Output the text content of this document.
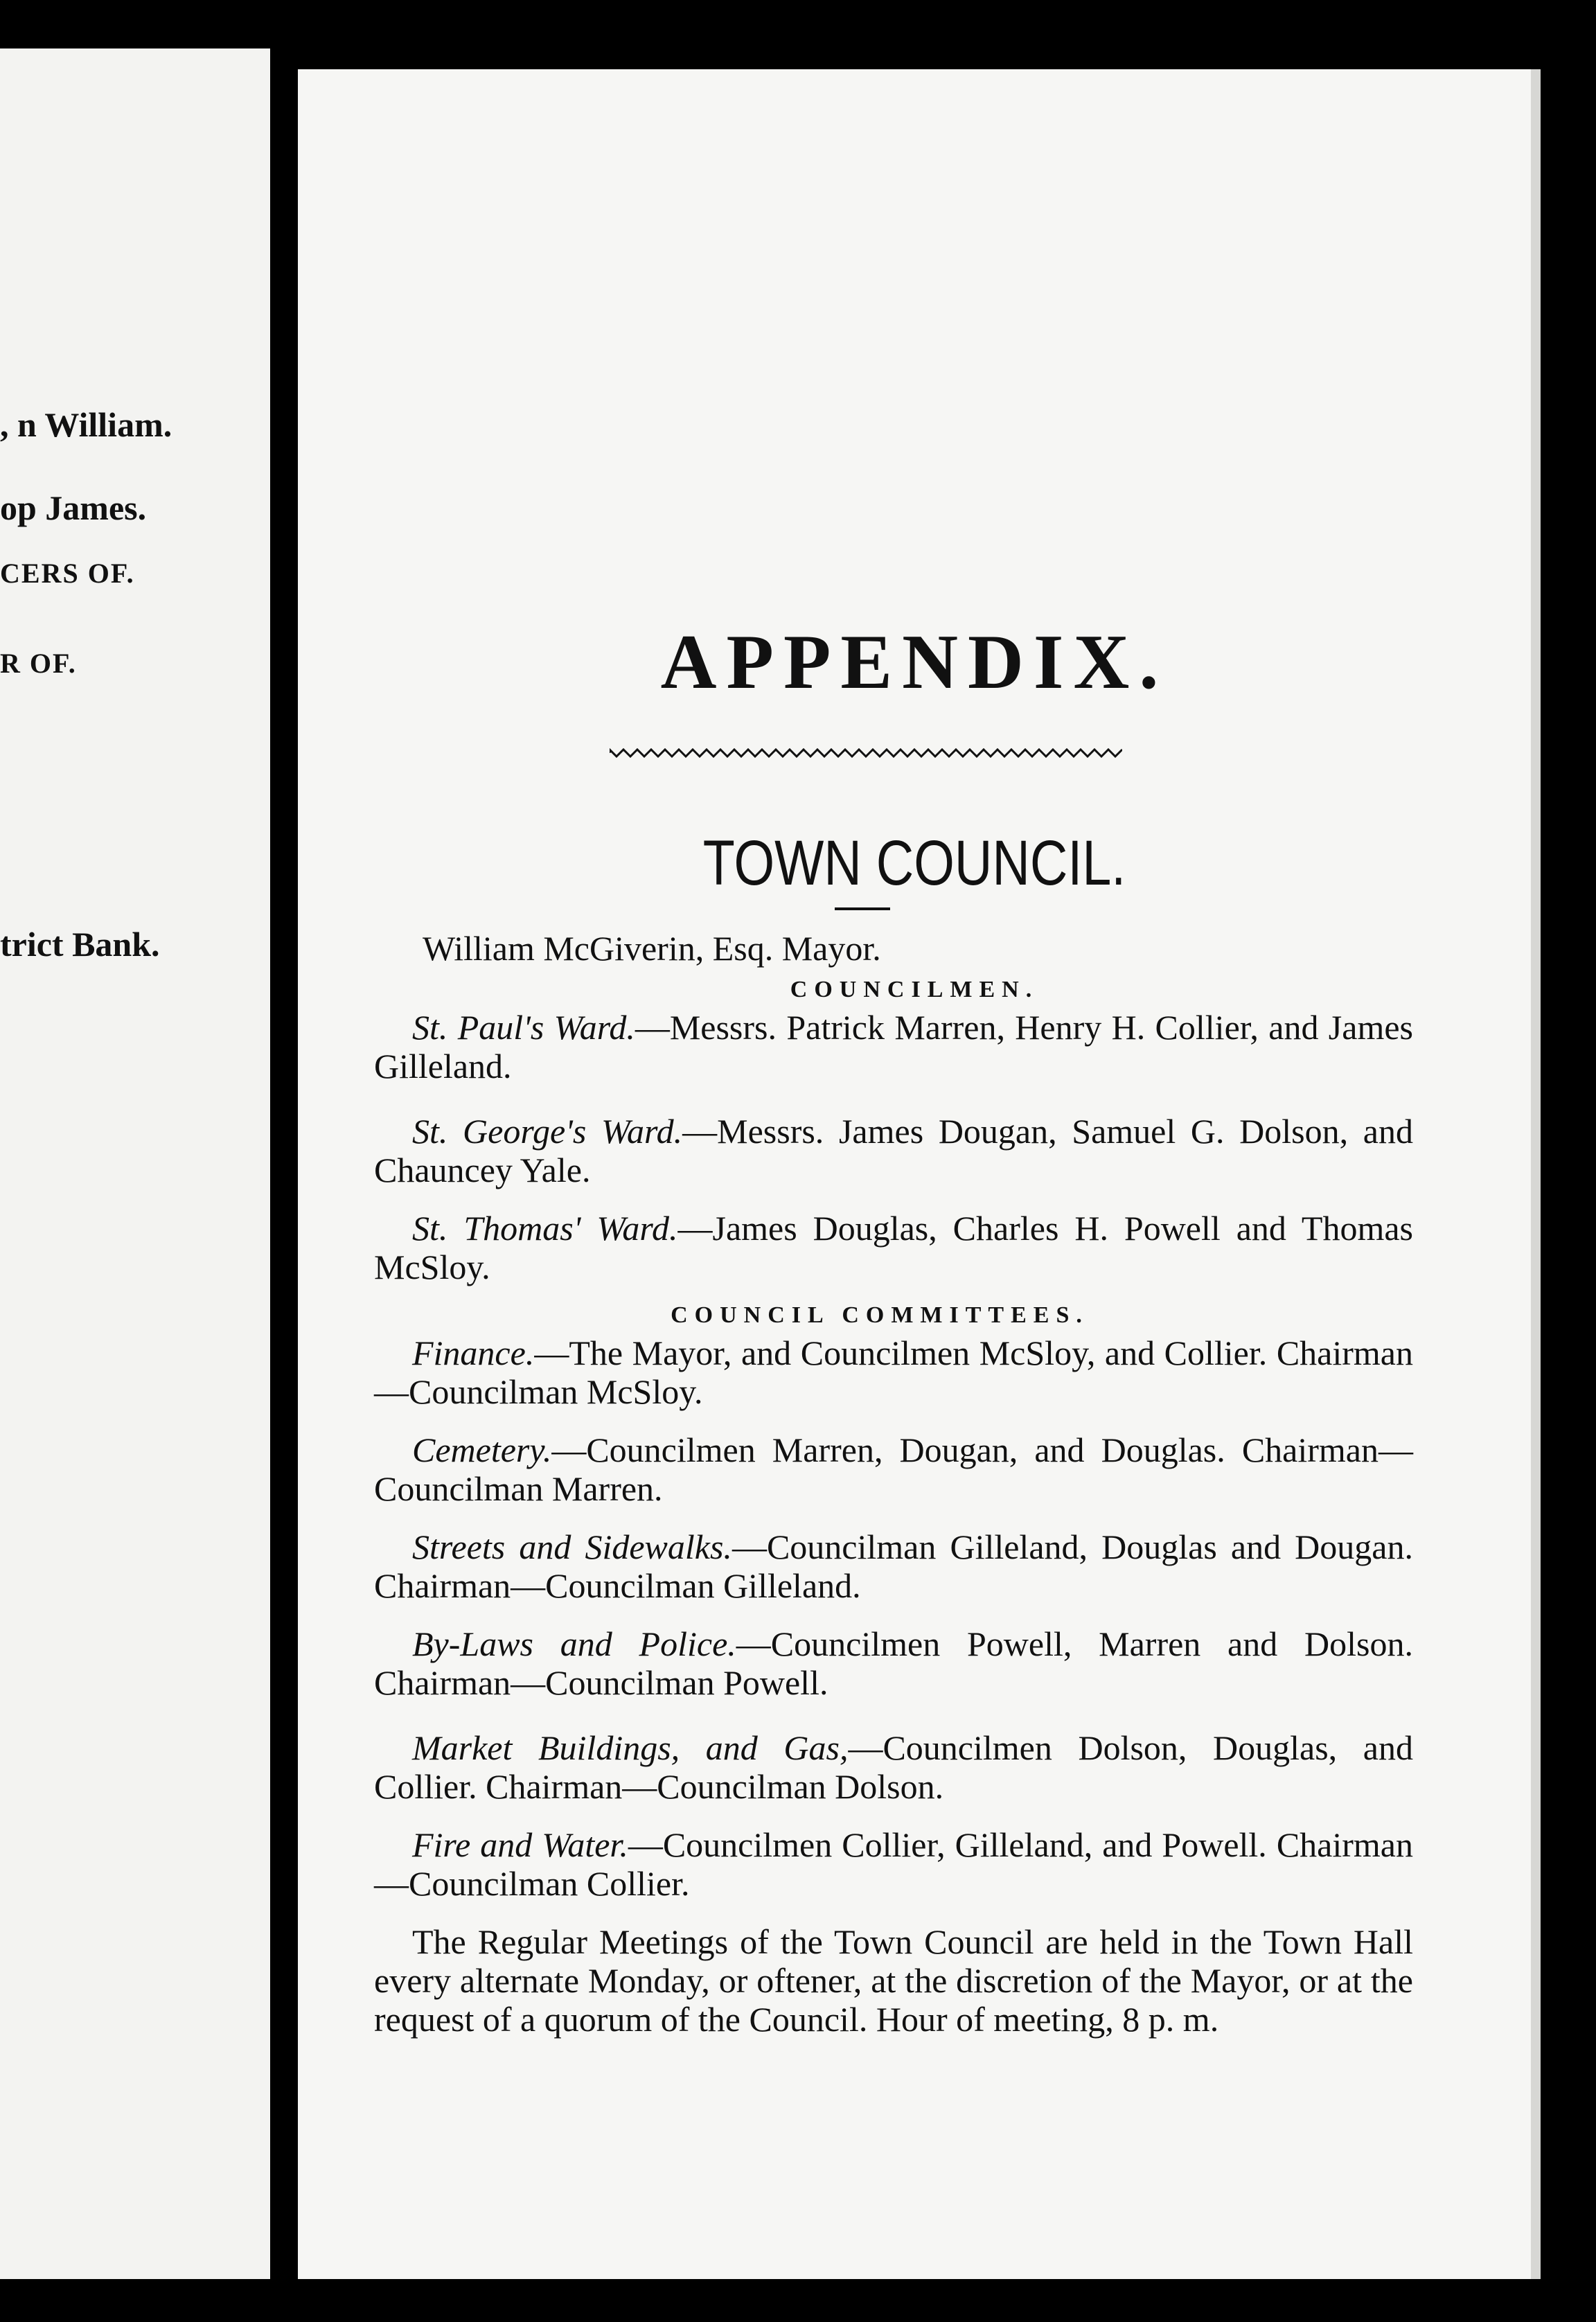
, n William.
op James.
CERS OF.
R OF.
trict Bank.
APPENDIX.
TOWN COUNCIL.
William McGiverin, Esq. Mayor.
COUNCILMEN.
St. Paul's Ward.—Messrs. Patrick Marren, Henry H. Collier, and James Gilleland.
St. George's Ward.—Messrs. James Dougan, Samuel G. Dolson, and Chauncey Yale.
St. Thomas' Ward.—James Douglas, Charles H. Powell and Thomas McSloy.
COUNCIL COMMITTEES.
Finance.—The Mayor, and Councilmen McSloy, and Collier. Chairman—Councilman McSloy.
Cemetery.—Councilmen Marren, Dougan, and Douglas. Chairman—Councilman Marren.
Streets and Sidewalks.—Councilman Gilleland, Douglas and Dougan. Chairman—Councilman Gilleland.
By-Laws and Police.—Councilmen Powell, Marren and Dolson. Chairman—Councilman Powell.
Market Buildings, and Gas,—Councilmen Dolson, Douglas, and Collier. Chairman—Councilman Dolson.
Fire and Water.—Councilmen Collier, Gilleland, and Powell. Chairman—Councilman Collier.
The Regular Meetings of the Town Council are held in the Town Hall every alternate Monday, or oftener, at the discretion of the Mayor, or at the request of a quorum of the Council. Hour of meeting, 8 p. m.
